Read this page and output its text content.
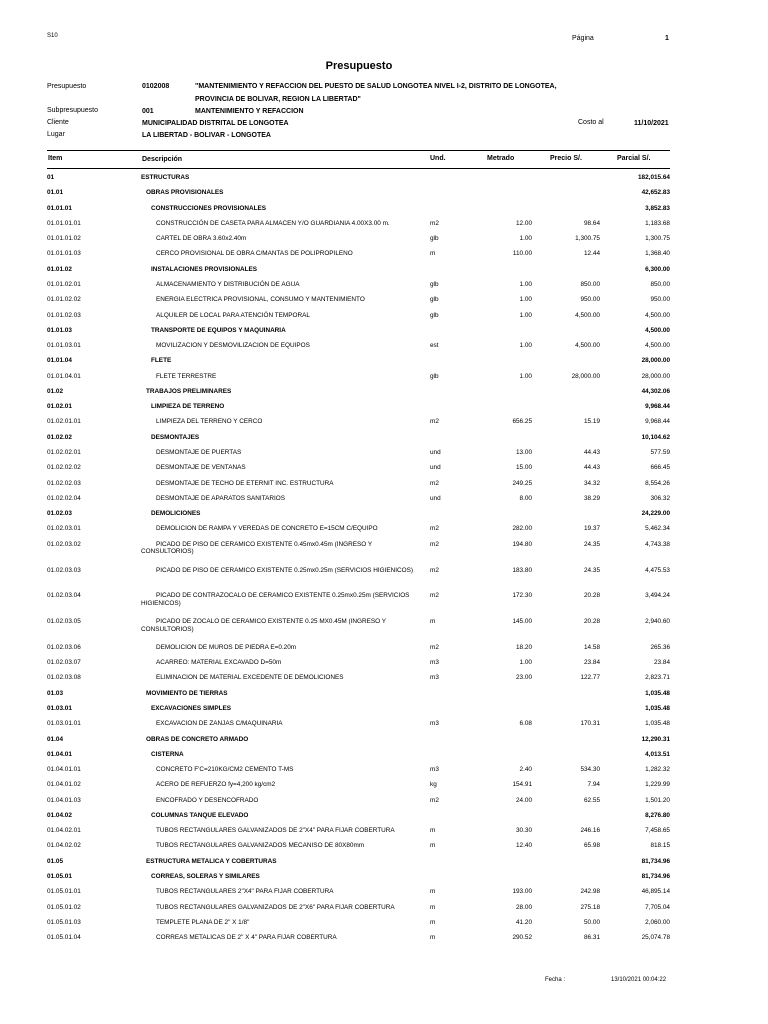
S10	Página	1
Presupuesto
Presupuesto	0102008	"MANTENIMIENTO Y REFACCION DEL PUESTO DE SALUD LONGOTEA NIVEL I-2, DISTRITO DE LONGOTEA,
PROVINCIA DE BOLIVAR, REGION LA LIBERTAD"
Subpresupuesto	001	MANTENIMIENTO Y REFACCION
Cliente	MUNICIPALIDAD DISTRITAL DE LONGOTEA	Costo al	11/10/2021
Lugar	LA LIBERTAD - BOLIVAR - LONGOTEA
Item	Descripción	Und.	Metrado	Precio S/.	Parcial S/.
01	ESTRUCTURAS	182,015.64
01.01	OBRAS PROVISIONALES	42,652.83
01.01.01	CONSTRUCCIONES PROVISIONALES	3,852.83
01.01.01.01	CONSTRUCCIÓN DE CASETA PARA ALMACEN Y/O GUARDIANIA 4.00X3.00 m.	m2	12.00	98.64	1,183.68
01.01.01.02	CARTEL DE OBRA 3.60x2.40m	glb	1.00	1,300.75	1,300.75
01.01.01.03	CERCO PROVISIONAL DE OBRA C/MANTAS DE POLIPROPILENO	m	110.00	12.44	1,368.40
01.01.02	INSTALACIONES PROVISIONALES	6,300.00
01.01.02.01	ALMACENAMIENTO Y DISTRIBUCIÓN DE AGUA	glb	1.00	850.00	850.00
01.01.02.02	ENERGIA ELECTRICA PROVISIONAL, CONSUMO Y MANTENIMIENTO	glb	1.00	950.00	950.00
01.01.02.03	ALQUILER DE LOCAL PARA ATENCIÓN TEMPORAL	glb	1.00	4,500.00	4,500.00
01.01.03	TRANSPORTE DE EQUIPOS Y MAQUINARIA	4,500.00
01.01.03.01	MOVILIZACION Y DESMOVILIZACION DE EQUIPOS	est	1.00	4,500.00	4,500.00
01.01.04	FLETE	28,000.00
01.01.04.01	FLETE TERRESTRE	glb	1.00	28,000.00	28,000.00
01.02	TRABAJOS PRELIMINARES	44,302.06
01.02.01	LIMPIEZA DE TERRENO	9,968.44
01.02.01.01	LIMPIEZA DEL TERRENO Y CERCO	m2	656.25	15.19	9,968.44
01.02.02	DESMONTAJES	10,104.62
01.02.02.01	DESMONTAJE DE PUERTAS	und	13.00	44.43	577.59
01.02.02.02	DESMONTAJE DE VENTANAS	und	15.00	44.43	666.45
01.02.02.03	DESMONTAJE DE TECHO DE ETERNIT INC. ESTRUCTURA	m2	249.25	34.32	8,554.26
01.02.02.04	DESMONTAJE DE APARATOS SANITARIOS	und	8.00	38.29	306.32
01.02.03	DEMOLICIONES	24,229.00
01.02.03.01	DEMOLICION DE RAMPA Y VEREDAS DE CONCRETO E=15CM C/EQUIPO	m2	282.00	19.37	5,462.34
01.02.03.02	PICADO DE PISO DE CERAMICO EXISTENTE 0.45mx0.45m (INGRESO Y CONSULTORIOS)
m2	194.80	24.35	4,743.38
01.02.03.03	PICADO DE PISO DE CERAMICO EXISTENTE 0.25mx0.25m (SERVICIOS HIGIENICOS)	m2	183.80	24.35	4,475.53
01.02.03.04	PICADO DE CONTRAZOCALO DE CERAMICO EXISTENTE 0.25mx0.25m (SERVICIOS HIGIENICOS)
m2	172.30	20.28	3,494.24
01.02.03.05	PICADO DE ZOCALO DE CERAMICO EXISTENTE 0.25 MX0.45M (INGRESO Y CONSULTORIOS)
m	145.00	20.28	2,940.60
01.02.03.06	DEMOLICION DE MUROS DE PIEDRA E=0.20m	m2	18.20	14.58	265.36
01.02.03.07	ACARREO: MATERIAL EXCAVADO D=50m	m3	1.00	23.84	23.84
01.02.03.08	ELIMINACION DE MATERIAL EXCEDENTE DE DEMOLICIONES	m3	23.00	122.77	2,823.71
01.03	MOVIMIENTO DE TIERRAS	1,035.48
01.03.01	EXCAVACIONES SIMPLES	1,035.48
01.03.01.01	EXCAVACION DE ZANJAS C/MAQUINARIA	m3	6.08	170.31	1,035.48
01.04	OBRAS DE CONCRETO ARMADO	12,290.31
01.04.01	CISTERNA	4,013.51
01.04.01.01	CONCRETO F'C=210KG/CM2 CEMENTO T-MS	m3	2.40	534.30	1,282.32
01.04.01.02	ACERO DE REFUERZO fy=4,200 kg/cm2	kg	154.91	7.94	1,229.99
01.04.01.03	ENCOFRADO Y DESENCOFRADO	m2	24.00	62.55	1,501.20
01.04.02	COLUMNAS TANQUE ELEVADO	8,276.80
01.04.02.01	TUBOS RECTANGULARES GALVANIZADOS DE 2"X4" PARA FIJAR COBERTURA	m	30.30	246.16	7,458.65
01.04.02.02	TUBOS RECTANGULARES GALVANIZADOS MECANISO DE 80X80mm	m	12.40	65.98	818.15
01.05	ESTRUCTURA METALICA Y COBERTURAS	81,734.96
01.05.01	CORREAS, SOLERAS Y SIMILARES	81,734.96
01.05.01.01	TUBOS RECTANGULARES 2"X4" PARA FIJAR COBERTURA	m	193.00	242.98	46,895.14
01.05.01.02	TUBOS RECTANGULARES GALVANIZADOS DE 2"X6" PARA FIJAR COBERTURA	m	28.00	275.18	7,705.04
01.05.01.03	TEMPLETE PLANA DE 2" X 1/8"	m	41.20	50.00	2,060.00
01.05.01.04	CORREAS METALICAS DE 2" X 4" PARA FIJAR COBERTURA	m	290.52	86.31	25,074.78
Fecha :	13/10/2021 00:04:22
